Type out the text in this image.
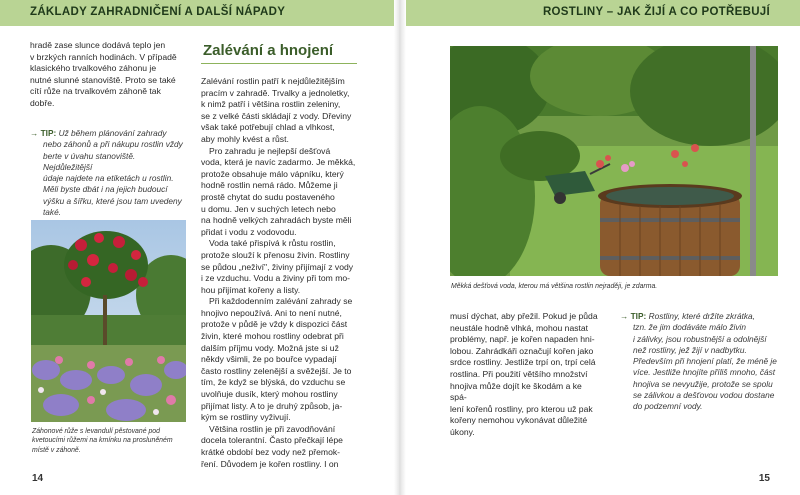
ZÁKLADY ZAHRADNIČENÍ A DALŠÍ NÁPADY	ROSTLINY – JAK ŽIJÍ A CO POTŘEBUJÍ

hradě zase slunce dodává teplo jen

v brzkých ranních hodinách. V případě

klasického trvalkového záhonu je

nutné slunné stanoviště. Proto se také

cítí růže na trvalkovém záhoně tak

dobře.

→ TIP: Už během plánování zahrady
nebo záhonů a při nákupu rostlin vždy
berte v úvahu stanoviště. Nejdůležitější
údaje najdete na etiketách u rostlin.
Měli byste dbát i na jejich budoucí
výšku a šířku, které jsou tam uvedeny
také.
Záhonové růže s levandulí pěstované pod
kvetoucími růžemi na kmínku na prosluněném
místě v záhoně.
Zalévání a hnojení

Zalévání rostlin patří k nejdůležitějším

pracím v zahradě. Trvalky a jednoletky,

k nimž patří i většina rostlin zeleniny,

se z velké části skládají z vody. Dřeviny

však také potřebují chlad a vlhkost,

aby mohly kvést a růst.

Pro zahradu je nejlepší dešťová

voda, která je navíc zadarmo. Je měkká,

protože obsahuje málo vápníku, který

hodně rostlin nemá rádo. Můžeme ji

prostě chytat do sudu postaveného

u domu. Jen v suchých letech nebo

na hodně velkých zahradách byste měli

přidat i vodu z vodovodu.

Voda také přispívá k růstu rostlin,

protože slouží k přenosu živin. Rostliny

se půdou „neživí", živiny přijímají z vody

i ze vzduchu. Vodu a živiny při tom mo-

hou přijímat kořeny a listy.

Při každodenním zalévání zahrady se

hnojivo nepoužívá. Ani to není nutné,

protože v půdě je vždy k dispozici část

živin, které mohou rostliny odebrat při

dalším příjmu vody. Možná jste si už

někdy všimli, že po bouřce vypadají

často rostliny zelenější a svěžejší. Je to

tím, že když se blýská, do vzduchu se

uvolňuje dusík, který mohou rostliny

přijímat listy. A to je druhý způsob, ja-

kým se rostliny vyživují.

Většina rostlin je při zavodňování

docela tolerantní. Často přečkají lépe

krátké období bez vody než přemok-

ření. Důvodem je kořen rostliny. I on

Měkká dešťová voda, kterou má většina rostlin nejraději, je zdarma.

musí dýchat, aby přežil. Pokud je půda

neustále hodně vlhká, mohou nastat

problémy, např. je kořen napaden hni-

lobou. Zahrádkáři označují kořen jako

srdce rostliny. Jestliže trpí on, trpí celá

rostlina. Při použití většího množství

hnojiva může dojít ke škodám a ke spá-

lení kořenů rostliny, pro kterou už pak

kořeny nemohou vykonávat důležité

úkony.

→ TIP: Rostliny, které držíte zkrátka,
tzn. že jim dodáváte málo živin
i zálivky, jsou robustnější a odolnější
než rostliny, jež žijí v nadbytku.
Především při hnojení platí, že méně je
více. Jestliže hnojíte příliš mnoho, část
hnojiva se nevyužije, protože se spolu
se zálivkou a dešťovou vodou dostane
do podzemní vody.
14	15
